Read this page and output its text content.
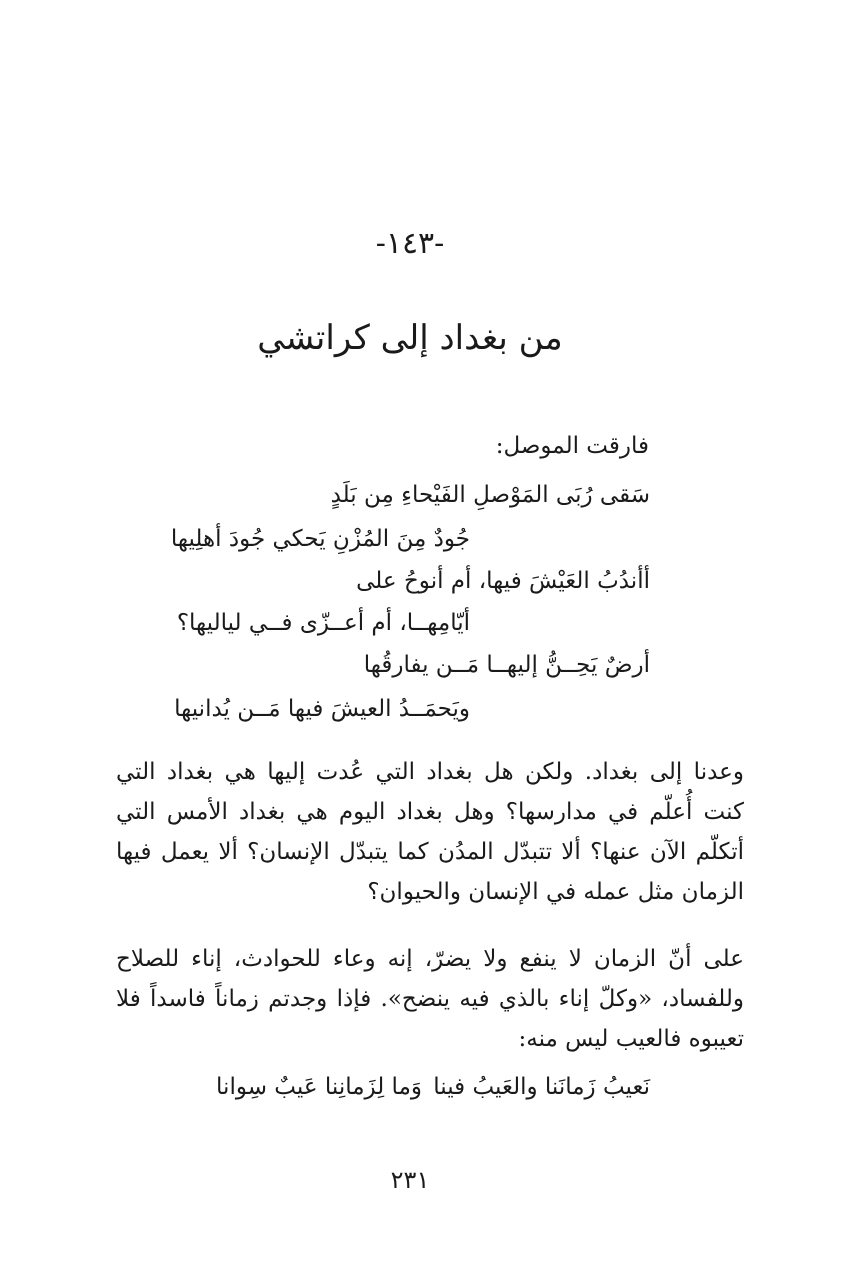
-١٤٣-
من بغداد إلى كراتشي
فارقت الموصل:
سَقى رُبَى المَوْصلِ الفَيْحاءِ مِن بَلَدٍ
جُودٌ مِنَ المُزْنِ يَحكي جُودَ أهلِيها
أأندُبُ العَيْشَ فيها، أم أنوحُ على
أيّامِهــا، أم أعــزّى فــي لياليها؟
أرضٌ يَحِــنُّ إليهــا مَــن يفارقُها
ويَحمَــدُ العيشَ فيها مَــن يُدانيها
وعدنا إلى بغداد. ولكن هل بغداد التي عُدت إليها هي بغداد التي كنت أُعلّم في مدارسها؟ وهل بغداد اليوم هي بغداد الأمس التي أتكلّم الآن عنها؟ ألا تتبدّل المدُن كما يتبدّل الإنسان؟ ألا يعمل فيها الزمان مثل عمله في الإنسان والحيوان؟
على أنّ الزمان لا ينفع ولا يضرّ، إنه وعاء للحوادث، إناء للصلاح وللفساد، «وكلّ إناء بالذي فيه ينضح». فإذا وجدتم زماناً فاسداً فلا تعيبوه فالعيب ليس منه:
نَعيبُ زَمانَنا والعَيبُ فينا
وَما لِزَمانِنا عَيبٌ سِوانا
٢٣١
